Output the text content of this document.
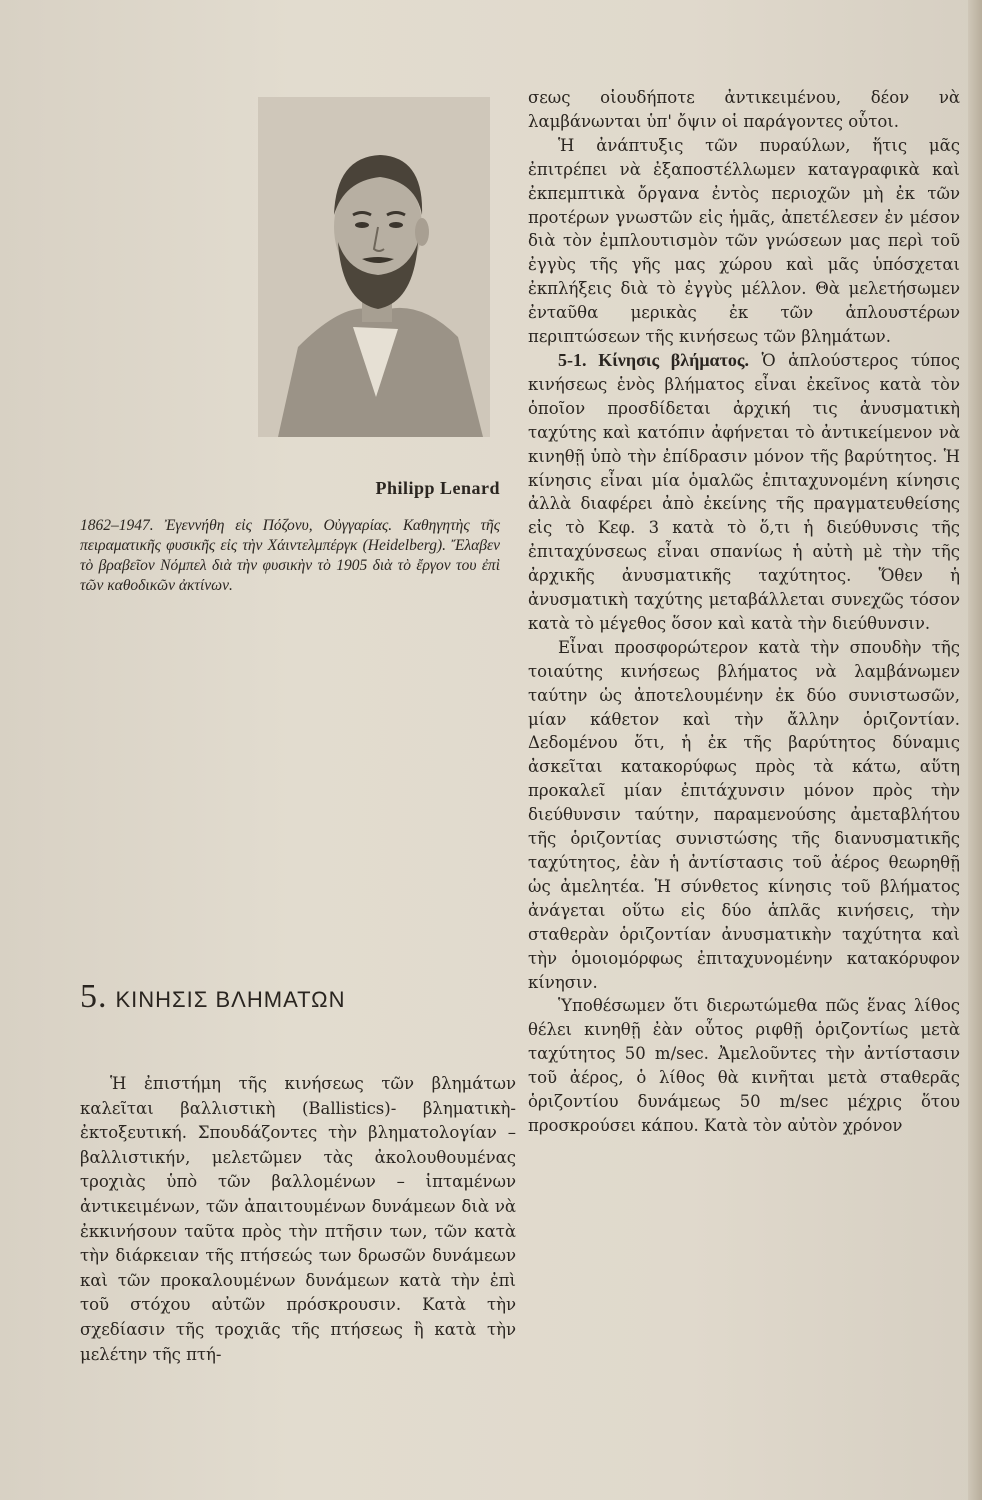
Philipp Lenard
1862–1947. Ἐγεννήθη εἰς Πόζονυ, Οὐγγαρίας. Καθηγητὴς τῆς πειραματικῆς φυσικῆς εἰς τὴν Χάιντελμπέργκ (Heidelberg). Ἔλαβεν τὸ βραβεῖον Νόμπελ διὰ τὴν φυσικὴν τὸ 1905 διὰ τὸ ἔργον του ἐπὶ τῶν καθοδικῶν ἀκτίνων.
5. ΚΙΝΗΣΙΣ ΒΛΗΜΑΤΩΝ

Ἡ ἐπιστήμη τῆς κινήσεως τῶν βλημάτων καλεῖται βαλλιστικὴ (Ballistics)- βληματικὴ-ἐκτοξευτική. Σπουδάζοντες τὴν βληματολογίαν – βαλλιστικήν, μελετῶμεν τὰς ἀκολουθουμένας τροχιὰς ὑπὸ τῶν βαλλομένων – ἱπταμένων ἀντικειμένων, τῶν ἀπαιτουμένων δυνάμεων διὰ νὰ ἐκκινήσουν ταῦτα πρὸς τὴν πτῆσιν των, τῶν κατὰ τὴν διάρκειαν τῆς πτήσεώς των δρωσῶν δυνάμεων καὶ τῶν προκαλουμένων δυνάμεων κατὰ τὴν ἐπὶ τοῦ στόχου αὐτῶν πρόσκρουσιν. Κατὰ τὴν σχεδίασιν τῆς τροχιᾶς τῆς πτήσεως ἢ κατὰ τὴν μελέτην τῆς πτή-

σεως οἱουδήποτε ἀντικειμένου, δέον νὰ λαμβάνωνται ὑπ' ὄψιν οἱ παράγοντες οὗτοι.

Ἡ ἀνάπτυξις τῶν πυραύλων, ἥτις μᾶς ἐπιτρέπει νὰ ἐξαποστέλλωμεν καταγραφικὰ καὶ ἐκπεμπτικὰ ὄργανα ἐντὸς περιοχῶν μὴ ἐκ τῶν προτέρων γνωστῶν εἰς ἡμᾶς, ἀπετέλεσεν ἐν μέσον διὰ τὸν ἐμπλουτισμὸν τῶν γνώσεων μας περὶ τοῦ ἐγγὺς τῆς γῆς μας χώρου καὶ μᾶς ὑπόσχεται ἐκπλήξεις διὰ τὸ ἐγγὺς μέλλον. Θὰ μελετήσωμεν ἐνταῦθα μερικὰς ἐκ τῶν ἁπλουστέρων περιπτώσεων τῆς κινήσεως τῶν βλημάτων.

5-1. Κίνησις βλήματος. Ὁ ἁπλούστερος τύπος κινήσεως ἑνὸς βλήματος εἶναι ἐκεῖνος κατὰ τὸν ὁποῖον προσδίδεται ἀρχική τις ἀνυσματικὴ ταχύτης καὶ κατόπιν ἀφήνεται τὸ ἀντικείμενον νὰ κινηθῇ ὑπὸ τὴν ἐπίδρασιν μόνον τῆς βαρύτητος. Ἡ κίνησις εἶναι μία ὁμαλῶς ἐπιταχυνομένη κίνησις ἀλλὰ διαφέρει ἀπὸ ἐκείνης τῆς πραγματευθείσης εἰς τὸ Κεφ. 3 κατὰ τὸ ὅ,τι ἡ διεύθυνσις τῆς ἐπιταχύνσεως εἶναι σπανίως ἡ αὐτὴ μὲ τὴν τῆς ἀρχικῆς ἀνυσματικῆς ταχύτητος. Ὅθεν ἡ ἀνυσματικὴ ταχύτης μεταβάλλεται συνεχῶς τόσον κατὰ τὸ μέγεθος ὅσον καὶ κατὰ τὴν διεύθυνσιν.

Εἶναι προσφορώτερον κατὰ τὴν σπουδὴν τῆς τοιαύτης κινήσεως βλήματος νὰ λαμβάνωμεν ταύτην ὡς ἀποτελουμένην ἐκ δύο συνιστωσῶν, μίαν κάθετον καὶ τὴν ἄλλην ὁριζοντίαν. Δεδομένου ὅτι, ἡ ἐκ τῆς βαρύτητος δύναμις ἀσκεῖται κατακορύφως πρὸς τὰ κάτω, αὕτη προκαλεῖ μίαν ἐπιτάχυνσιν μόνον πρὸς τὴν διεύθυνσιν ταύτην, παραμενούσης ἀμεταβλήτου τῆς ὁριζοντίας συνιστώσης τῆς διανυσματικῆς ταχύτητος, ἐὰν ἡ ἀντίστασις τοῦ ἀέρος θεωρηθῇ ὡς ἀμελητέα. Ἡ σύνθετος κίνησις τοῦ βλήματος ἀνάγεται οὕτω εἰς δύο ἁπλᾶς κινήσεις, τὴν σταθερὰν ὁριζοντίαν ἀνυσματικὴν ταχύτητα καὶ τὴν ὁμοιομόρφως ἐπιταχυνομένην κατακόρυφον κίνησιν.

Ὑποθέσωμεν ὅτι διερωτώμεθα πῶς ἕνας λίθος θέλει κινηθῇ ἐὰν οὗτος ριφθῇ ὁριζοντίως μετὰ ταχύτητος 50 m/sec. Ἀμελοῦντες τὴν ἀντίστασιν τοῦ ἀέρος, ὁ λίθος θὰ κινῆται μετὰ σταθερᾶς ὁριζοντίου δυνάμεως 50 m/sec μέχρις ὅτου προσκρούσει κάπου. Κατὰ τὸν αὐτὸν χρόνον
